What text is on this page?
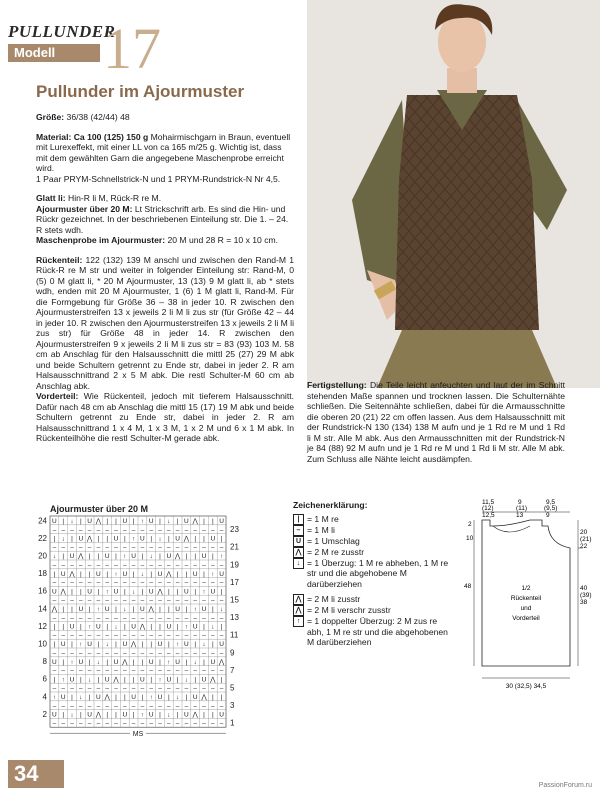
PULLUNDER
Modell 17
Pullunder im Ajourmuster

Größe: 36/38 (42/44) 48

Material: Ca 100 (125) 150 g Mohairmischgarn in Braun, eventuell mit Lurexeffekt, mit einer LL von ca 165 m/25 g. Wichtig ist, dass mit dem gewählten Garn die angegebene Maschenprobe erreicht wird.
1 Paar PRYM-Schnellstrick-N und 1 PRYM-Rundstrick-N Nr 4,5.

Glatt li: Hin-R li M, Rück-R re M.
Ajourmuster über 20 M: Lt Strickschrift arb. Es sind die Hin- und Rückr gezeichnet. In der beschriebenen Einteilung str. Die 1. – 24. R stets wdh.
Maschenprobe im Ajourmuster: 20 M und 28 R = 10 x 10 cm.

Rückenteil: 122 (132) 139 M anschl und zwischen den Rand-M 1 Rück-R re M str und weiter in folgender Einteilung str: Rand-M, 0 (5) 0 M glatt li, * 20 M Ajourmuster, 13 (13) 9 M glatt li, ab * stets wdh, enden mit 20 M Ajourmuster, 1 (6) 1 M glatt li, Rand-M. Für die Formgebung für Größe 36 – 38 in jeder 10. R zwischen den Ajourmusterstreifen 13 x jeweils 2 li M li zus str (für Größe 42 – 44 in jeder 10. R zwischen den Ajourmusterstreifen 13 x jeweils 2 li M li zus str) für Größe 48 in jeder 14. R zwischen den Ajourmusterstreifen 9 x jeweils 2 li M li zus str = 83 (93) 103 M. 58 cm ab Anschlag für den Halsausschnitt die mittl 25 (27) 29 M abk und beide Schultern getrennt zu Ende str, dabei in jeder 2. R am Halsausschnittrand 2 x 5 M abk. Die restl Schulter-M 60 cm ab Anschlag abk.
Vorderteil: Wie Rückenteil, jedoch mit tieferem Halsausschnitt. Dafür nach 48 cm ab Anschlag die mittl 15 (17) 19 M abk und beide Schultern getrennt zu Ende str, dabei in jeder 2. R am Halsausschnittrand 1 x 4 M, 1 x 3 M, 1 x 2 M und 6 x 1 M abk. In Rückenteilhöhe die restl Schulter-M gerade abk.

Fertigstellung: Die Teile leicht anfeuchten und laut der im Schnitt stehenden Maße spannen und trocknen lassen. Die Schulternähte schließen. Die Seitennähte schließen, dabei für die Armausschnitte die oberen 20 (21) 22 cm offen lassen. Aus dem Halsausschnitt mit der Rundstrick-N 130 (134) 138 M aufn und je 1 Rd re M und 1 Rd li M str. Alle M abk. Aus den Armausschnitten mit der Rundstrick-N je 84 (88) 92 M aufn und je 1 Rd re M und 1 Rd li M str. Alle M abk. Zum Schluss alle Nähte leicht ausdämpfen.

Ajourmuster über 20 M
U | ↓ | U ⋀ | | U | ↑ U | ↓ | U ⋀ | | U
– – – – – – – – – – – – – – – – – – – –
| ↓ | U ⋀ | | U | ↑ U | ↓ | U ⋀ | | U |
– – – – – – – – – – – – – – – – – – – –
↓ | U ⋀ | | U | ↑ U | ↓ | U ⋀ | | U | ↑
– – – – – – – – – – – – – – – – – – – –
| U ⋀ | | U | ↑ U | ↓ | U ⋀ | | U | ↑ U
– – – – – – – – – – – – – – – – – – – –
U ⋀ | | U | ↑ U | ↓ | U ⋀ | | U | ↑ U |
– – – – – – – – – – – – – – – – – – – –
⋀ | | U | ↑ U | ↓ | U ⋀ | | U | ↑ U | ↓
– – – – – – – – – – – – – – – – – – – –
| | U | ↑ U | ↓ | U ⋀ | | U | ↑ U | ↓ |
– – – – – – – – – – – – – – – – – – – –
| U | ↑ U | ↓ | U ⋀ | | U | ↑ U | ↓ | U
– – – – – – – – – – – – – – – – – – – –
U | ↑ U | ↓ | U ⋀ | | U | ↑ U | ↓ | U ⋀
– – – – – – – – – – – – – – – – – – – –
| ↑ U | ↓ | U ⋀ | | U | ↑ U | ↓ | U ⋀ |
– – – – – – – – – – – – – – – – – – – –
↑ U | ↓ | U ⋀ | | U | ↑ U | ↓ | U ⋀ | |
– – – – – – – – – – – – – – – – – – – –
U | ↓ | U ⋀ | | U | ↑ U | ↓ | U ⋀ | | U
– – – – – – – – – – – – – – – – – – – –
24
22
20
18
16
14
12
10
8
6
4
2
23
21
19
17
15
13
11
9
7
5
3
1
MS
Zeichenerklärung:
| = 1 M re
– = 1 M li
U = 1 Umschlag
⋀ = 2 M re zusstr
↓ = 1 Überzug: 1 M re abheben, 1 M re str und die abgehobene M darüberziehen
⋀ = 2 M li zusstr
⋀ = 2 M li verschr zusstr
↑ = 1 doppelter Überzug: 2 M zus re abh, 1 M re str und die abgehobenen M darüberziehen
11,5	9	9,5
(12)	(11)	(9,5)
12,5	13	9
2
10
48
20
(21)
22
40
(39)
38
1/2
Rückenteil
und
Vorderteil
30 (32,5) 34,5
34	PassionForum.ru
